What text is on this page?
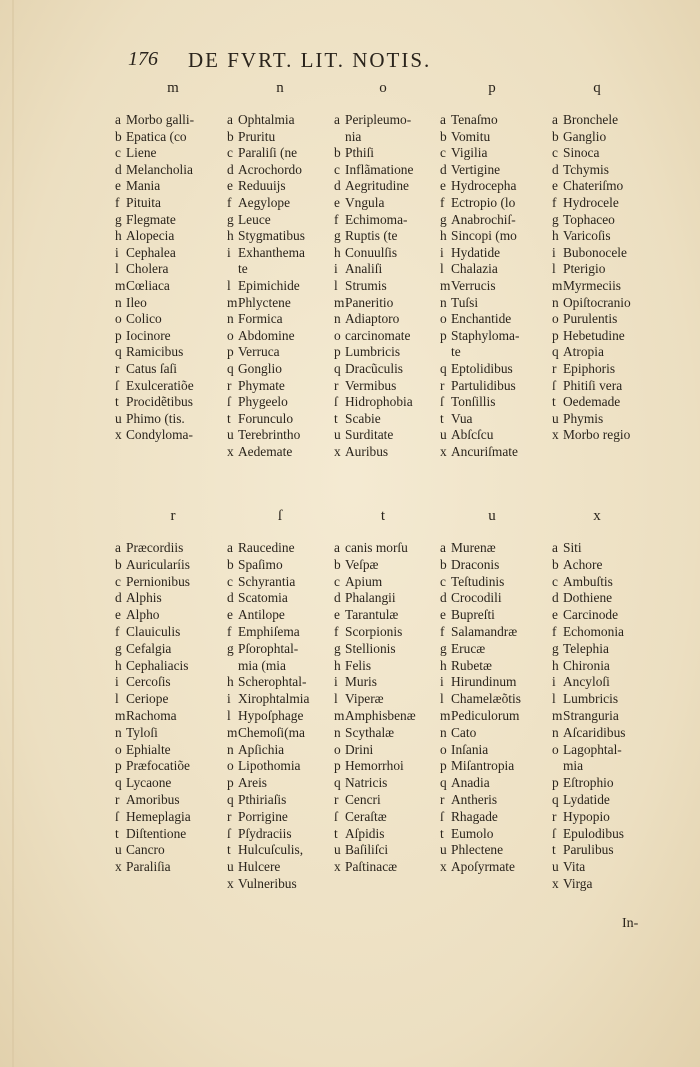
176 DE FVRT. LIT. NOTIS.
m	n	o	p	q
a Morbo galli-
b Epatica (co
c Liene
d Melancholia
e Mania
f Pituita
g Flegmate
h Alopecia
i Cephalea
l Cholera
mCœliaca
n Ileo
o Colico
p Iocinore
q Ramicibus
r Catus ſaſi
ſ Exulceratiõe
t Procidẽtibus
u Phimo (tis.
x Condyloma-
a Ophtalmia
b Pruritu
c Paraliſi (ne
d Acrochordo
e Reduuijs
f Aegylope
g Leuce
h Stygmatibus
i Exhanthema
te
l Epimichide
mPhlyctene
n Formica
o Abdomine
p Verruca
q Gonglio
r Phymate
ſ Phygeelo
t Forunculo
u Terebrintho
x Aedemate
a Peripleumo-
nia
b Pthiſi
c Inflãmatione
d Aegritudine
e Vngula
f Echimoma-
g Ruptis (te
h Conuulſis
i Analiſi
l Strumis
mPaneritio
n Adiaptoro
o carcinomate
p Lumbricis
q Dracũculis
r Vermibus
ſ Hidrophobia
t Scabie
u Surditate
x Auribus
a Tenaſmo
b Vomitu
c Vigilia
d Vertigine
e Hydrocepha
f Ectropio (lo
g Anabrochiſ-
h Sincopi (mo
i Hydatide
l Chalazia
mVerrucis
n Tuſsi
o Enchantide
p Staphyloma-
te
q Eptolidibus
r Partulidibus
ſ Tonſillis
t Vua
u Abſcſcu
x Ancuriſmate
a Bronchele
b Ganglio
c Sinoca
d Tchymis
e Chateriſmo
f Hydrocele
g Tophaceo
h Varicoſis
i Bubonocele
l Pterigio
mMyrmeciis
n Opiſtocranio
o Purulentis
p Hebetudine
q Atropia
r Epiphoris
ſ Phitiſi vera
t Oedemade
u Phymis
x Morbo regio
r	ſ	t	u	x
a Præcordiis
b Auricularíis
c Pernionibus
d Alphis
e Alpho
f Clauiculis
g Cefalgia
h Cephaliacis
i Cercoſis
l Ceriope
mRachoma
n Tyloſi
o Ephialte
p Præfocatiõe
q Lycaone
r Amoribus
ſ Hemeplagia
t Diſtentione
u Cancro
x Paraliſia
a Raucedine
b Spaſimo
c Schyrantia
d Scatomia
e Antilope
f Emphiſema
g Pſorophtal-
mia (mia
h Scherophtal-
i Xirophtalmia
l Hypoſphage
mChemoſi(ma
n Apſichia
o Lipothomia
p Areis
q Pthiriaſis
r Porrigine
ſ Pſydraciis
t Hulcuſculis,
u Hulcere
x Vulneribus
a canis morſu
b Veſpæ
c Apium
d Phalangii
e Tarantulæ
f Scorpionis
g Stellionis
h Felis
i Muris
l Viperæ
mAmphisbenæ
n Scythalæ
o Drini
p Hemorrhoi
q Natricis
r Cencri
ſ Ceraſtæ
t Aſpidis
u Baſiliſci
x Paſtinacæ
a Murenæ
b Draconis
c Teſtudinis
d Crocodili
e Bupreſti
f Salamandræ
g Erucæ
h Rubetæ
i Hirundinum
l Chamelæõtis
mPediculorum
n Cato
o Inſania
p Miſantropia
q Anadia
r Antheris
ſ Rhagade
t Eumolo
u Phlectene
x Apoſyrmate
a Siti
b Achore
c Ambuſtis
d Dothiene
e Carcinode
f Echomonia
g Telephia
h Chironia
i Ancyloſi
l Lumbricis
mStranguria
n Aſcaridibus
o Lagophtal-
mia
p Eſtrophio
q Lydatide
r Hypopio
ſ Epulodibus
t Parulibus
u Vita
x Virga
In-
